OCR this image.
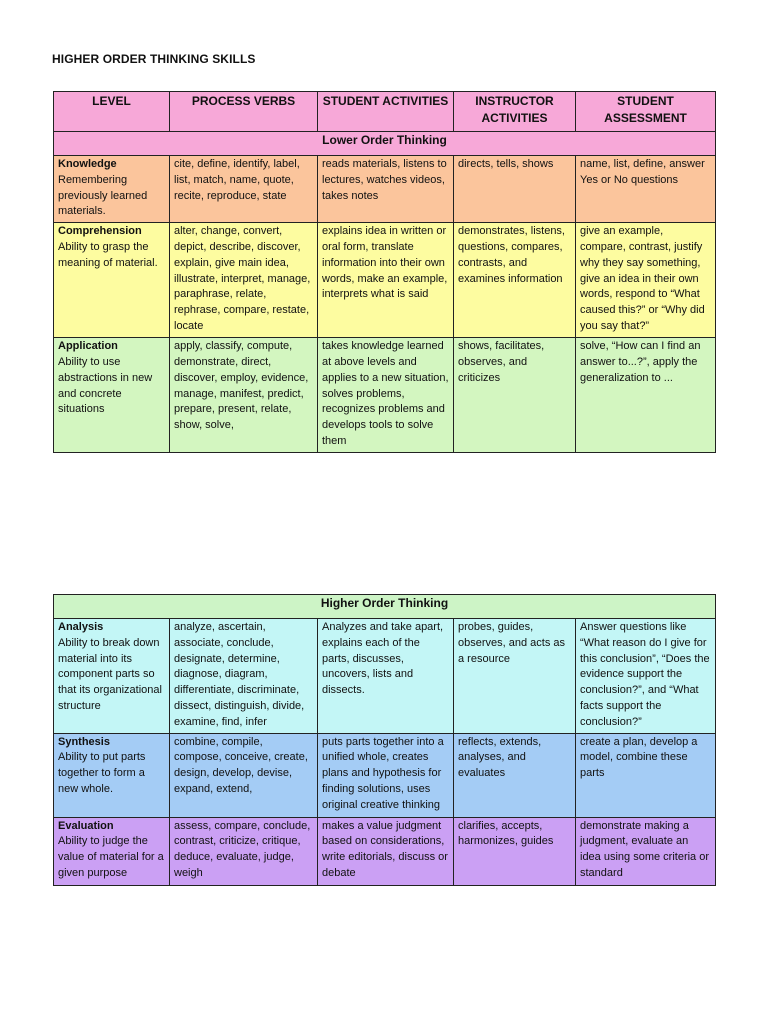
HIGHER ORDER THINKING SKILLS
LEVEL	PROCESS VERBS	STUDENT ACTIVITIES	INSTRUCTOR ACTIVITIES	STUDENT ASSESSMENT
Lower Order Thinking				

Knowledge
Remembering previously learned materials.	cite, define, identify, label, list, match, name, quote, recite, reproduce, state	reads materials, listens to lectures, watches videos, takes notes	directs, tells, shows	name, list, define, answer Yes or No questions

Comprehension
Ability to grasp the meaning of material.	alter, change, convert, depict, describe, discover, explain, give main idea, illustrate, interpret, manage, paraphrase, relate, rephrase, compare, restate, locate	explains idea in written or oral form, translate information into their own words, make an example, interprets what is said	demonstrates, listens, questions, compares, contrasts, and examines information	give an example, compare, contrast, justify why they say something, give an idea in their own words, respond to “What caused this?” or “Why did you say that?”

Application
Ability to use abstractions in new and concrete situations	apply, classify, compute, demonstrate, direct, discover, employ, evidence, manage, manifest, predict, prepare, present, relate, show, solve,	takes knowledge learned at above levels and applies to a new situation, solves problems, recognizes problems and develops tools to solve them	shows, facilitates, observes, and criticizes	solve, “How can I find an answer to...?”, apply the generalization to ...
Higher Order Thinking				

Analysis
Ability to break down material into its component parts so that its organizational structure	analyze, ascertain, associate, conclude, designate, determine, diagnose, diagram, differentiate, discriminate, dissect, distinguish, divide, examine, find, infer	Analyzes and take apart, explains each of the parts, discusses, uncovers, lists and dissects.	probes, guides, observes, and acts as a resource	Answer questions like “What reason do I give for this conclusion”, “Does the evidence support the conclusion?”, and “What facts support the conclusion?”

Synthesis
Ability to put parts together to form a new whole.	combine, compile, compose, conceive, create, design, develop, devise, expand, extend,	puts parts together into a unified whole, creates plans and hypothesis for finding solutions, uses original creative thinking	reflects, extends, analyses, and evaluates	create a plan, develop a model, combine these parts

Evaluation
Ability to judge the value of material for a given purpose	assess, compare, conclude, contrast, criticize, critique, deduce, evaluate, judge, weigh	makes a value judgment based on considerations, write editorials, discuss or debate	clarifies, accepts, harmonizes, guides	demonstrate making a judgment, evaluate an idea using some criteria or standard
